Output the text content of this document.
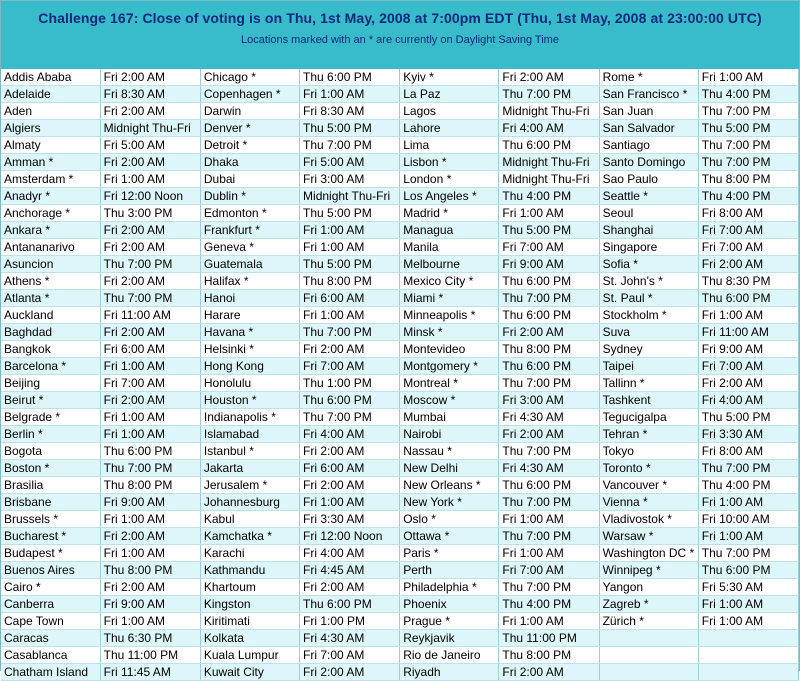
Challenge 167: Close of voting is on Thu, 1st May, 2008 at 7:00pm EDT (Thu, 1st May, 2008 at 23:00:00 UTC)
Locations marked with an * are currently on Daylight Saving Time
Addis Ababa	Fri 2:00 AM	Chicago *	Thu 6:00 PM	Kyiv *	Fri 2:00 AM	Rome *	Fri 1:00 AM
Adelaide	Fri 8:30 AM	Copenhagen *	Fri 1:00 AM	La Paz	Thu 7:00 PM	San Francisco *	Thu 4:00 PM
Aden	Fri 2:00 AM	Darwin	Fri 8:30 AM	Lagos	Midnight Thu-Fri	San Juan	Thu 7:00 PM
Algiers	Midnight Thu-Fri	Denver *	Thu 5:00 PM	Lahore	Fri 4:00 AM	San Salvador	Thu 5:00 PM
Almaty	Fri 5:00 AM	Detroit *	Thu 7:00 PM	Lima	Thu 6:00 PM	Santiago	Thu 7:00 PM
Amman *	Fri 2:00 AM	Dhaka	Fri 5:00 AM	Lisbon *	Midnight Thu-Fri	Santo Domingo	Thu 7:00 PM
Amsterdam *	Fri 1:00 AM	Dubai	Fri 3:00 AM	London *	Midnight Thu-Fri	Sao Paulo	Thu 8:00 PM
Anadyr *	Fri 12:00 Noon	Dublin *	Midnight Thu-Fri	Los Angeles *	Thu 4:00 PM	Seattle *	Thu 4:00 PM
Anchorage *	Thu 3:00 PM	Edmonton *	Thu 5:00 PM	Madrid *	Fri 1:00 AM	Seoul	Fri 8:00 AM
Ankara *	Fri 2:00 AM	Frankfurt *	Fri 1:00 AM	Managua	Thu 5:00 PM	Shanghai	Fri 7:00 AM
Antananarivo	Fri 2:00 AM	Geneva *	Fri 1:00 AM	Manila	Fri 7:00 AM	Singapore	Fri 7:00 AM
Asuncion	Thu 7:00 PM	Guatemala	Thu 5:00 PM	Melbourne	Fri 9:00 AM	Sofia *	Fri 2:00 AM
Athens *	Fri 2:00 AM	Halifax *	Thu 8:00 PM	Mexico City *	Thu 6:00 PM	St. John's *	Thu 8:30 PM
Atlanta *	Thu 7:00 PM	Hanoi	Fri 6:00 AM	Miami *	Thu 7:00 PM	St. Paul *	Thu 6:00 PM
Auckland	Fri 11:00 AM	Harare	Fri 1:00 AM	Minneapolis *	Thu 6:00 PM	Stockholm *	Fri 1:00 AM
Baghdad	Fri 2:00 AM	Havana *	Thu 7:00 PM	Minsk *	Fri 2:00 AM	Suva	Fri 11:00 AM
Bangkok	Fri 6:00 AM	Helsinki *	Fri 2:00 AM	Montevideo	Thu 8:00 PM	Sydney	Fri 9:00 AM
Barcelona *	Fri 1:00 AM	Hong Kong	Fri 7:00 AM	Montgomery *	Thu 6:00 PM	Taipei	Fri 7:00 AM
Beijing	Fri 7:00 AM	Honolulu	Thu 1:00 PM	Montreal *	Thu 7:00 PM	Tallinn *	Fri 2:00 AM
Beirut *	Fri 2:00 AM	Houston *	Thu 6:00 PM	Moscow *	Fri 3:00 AM	Tashkent	Fri 4:00 AM
Belgrade *	Fri 1:00 AM	Indianapolis *	Thu 7:00 PM	Mumbai	Fri 4:30 AM	Tegucigalpa	Thu 5:00 PM
Berlin *	Fri 1:00 AM	Islamabad	Fri 4:00 AM	Nairobi	Fri 2:00 AM	Tehran *	Fri 3:30 AM
Bogota	Thu 6:00 PM	Istanbul *	Fri 2:00 AM	Nassau *	Thu 7:00 PM	Tokyo	Fri 8:00 AM
Boston *	Thu 7:00 PM	Jakarta	Fri 6:00 AM	New Delhi	Fri 4:30 AM	Toronto *	Thu 7:00 PM
Brasilia	Thu 8:00 PM	Jerusalem *	Fri 2:00 AM	New Orleans *	Thu 6:00 PM	Vancouver *	Thu 4:00 PM
Brisbane	Fri 9:00 AM	Johannesburg	Fri 1:00 AM	New York *	Thu 7:00 PM	Vienna *	Fri 1:00 AM
Brussels *	Fri 1:00 AM	Kabul	Fri 3:30 AM	Oslo *	Fri 1:00 AM	Vladivostok *	Fri 10:00 AM
Bucharest *	Fri 2:00 AM	Kamchatka *	Fri 12:00 Noon	Ottawa *	Thu 7:00 PM	Warsaw *	Fri 1:00 AM
Budapest *	Fri 1:00 AM	Karachi	Fri 4:00 AM	Paris *	Fri 1:00 AM	Washington DC *	Thu 7:00 PM
Buenos Aires	Thu 8:00 PM	Kathmandu	Fri 4:45 AM	Perth	Fri 7:00 AM	Winnipeg *	Thu 6:00 PM
Cairo *	Fri 2:00 AM	Khartoum	Fri 2:00 AM	Philadelphia *	Thu 7:00 PM	Yangon	Fri 5:30 AM
Canberra	Fri 9:00 AM	Kingston	Thu 6:00 PM	Phoenix	Thu 4:00 PM	Zagreb *	Fri 1:00 AM
Cape Town	Fri 1:00 AM	Kiritimati	Fri 1:00 PM	Prague *	Fri 1:00 AM	Zürich *	Fri 1:00 AM
Caracas	Thu 6:30 PM	Kolkata	Fri 4:30 AM	Reykjavik	Thu 11:00 PM		
Casablanca	Thu 11:00 PM	Kuala Lumpur	Fri 7:00 AM	Rio de Janeiro	Thu 8:00 PM		
Chatham Island	Fri 11:45 AM	Kuwait City	Fri 2:00 AM	Riyadh	Fri 2:00 AM		
